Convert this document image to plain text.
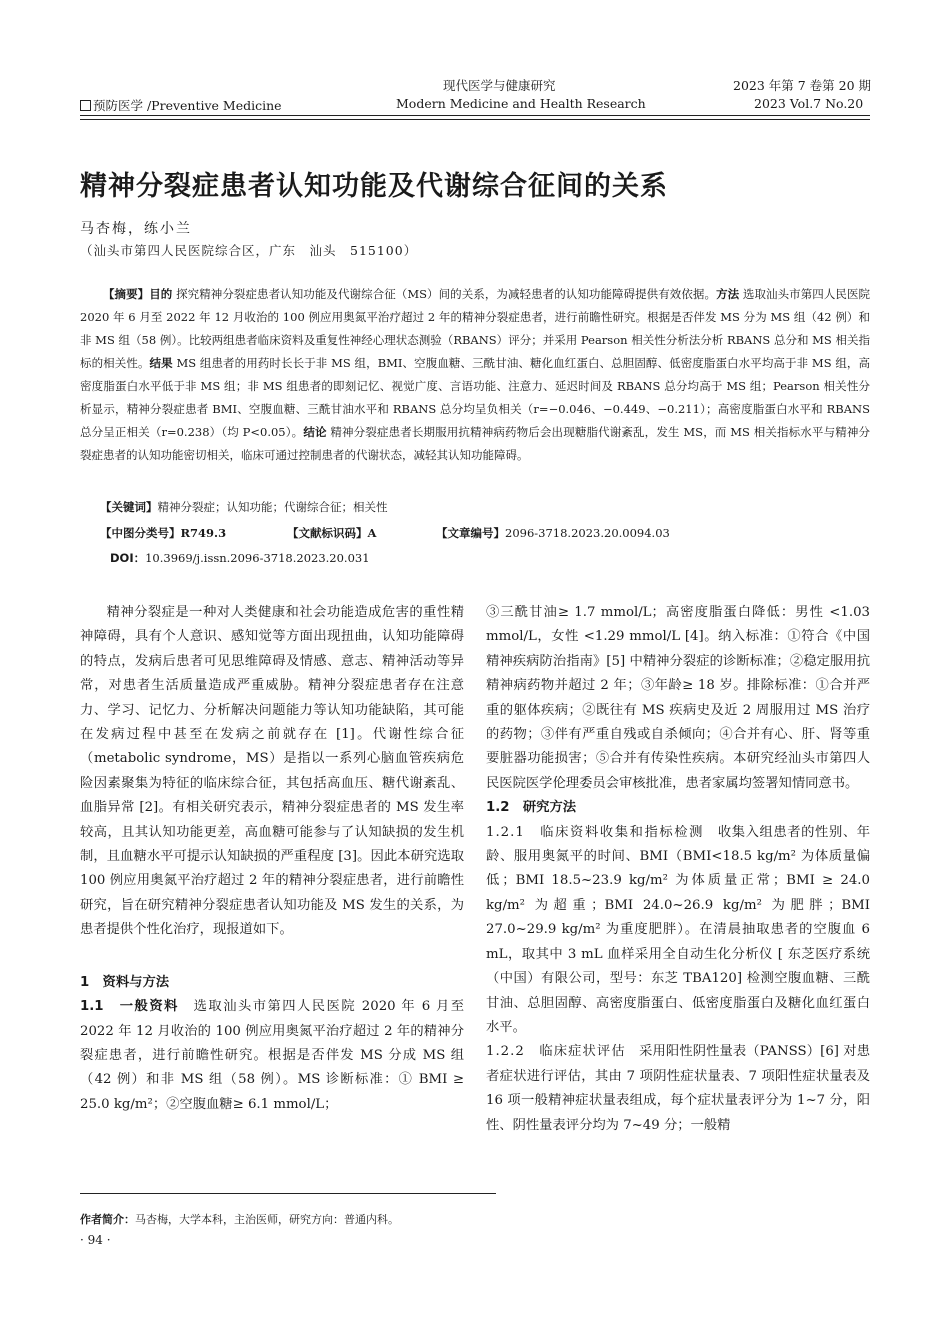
现代医学与健康研究	2023 年第 7 卷第 20 期
预防医学 /Preventive Medicine	Modern Medicine and Health Research	2023 Vol.7 No.20
精神分裂症患者认知功能及代谢综合征间的关系
马杏梅，练小兰
（汕头市第四人民医院综合区，广东　汕头　515100）
【摘要】目的 探究精神分裂症患者认知功能及代谢综合征（MS）间的关系，为减轻患者的认知功能障碍提供有效依据。方法 选取汕头市第四人民医院 2020 年 6 月至 2022 年 12 月收治的 100 例应用奥氮平治疗超过 2 年的精神分裂症患者，进行前瞻性研究。根据是否伴发 MS 分为 MS 组（42 例）和非 MS 组（58 例）。比较两组患者临床资料及重复性神经心理状态测验（RBANS）评分；并采用 Pearson 相关性分析法分析 RBANS 总分和 MS 相关指标的相关性。结果 MS 组患者的用药时长长于非 MS 组，BMI、空腹血糖、三酰甘油、糖化血红蛋白、总胆固醇、低密度脂蛋白水平均高于非 MS 组，高密度脂蛋白水平低于非 MS 组；非 MS 组患者的即刻记忆、视觉广度、言语功能、注意力、延迟时间及 RBANS 总分均高于 MS 组；Pearson 相关性分析显示，精神分裂症患者 BMI、空腹血糖、三酰甘油水平和 RBANS 总分均呈负相关（r=−0.046、−0.449、−0.211）；高密度脂蛋白水平和 RBANS 总分呈正相关（r=0.238）（均 P<0.05）。结论 精神分裂症患者长期服用抗精神病药物后会出现糖脂代谢紊乱，发生 MS，而 MS 相关指标水平与精神分裂症患者的认知功能密切相关，临床可通过控制患者的代谢状态，减轻其认知功能障碍。
【关键词】精神分裂症；认知功能；代谢综合征；相关性
【中图分类号】R749.3	【文献标识码】A	【文章编号】2096-3718.2023.20.0094.03
DOI：10.3969/j.issn.2096-3718.2023.20.031

精神分裂症是一种对人类健康和社会功能造成危害的重性精神障碍，具有个人意识、感知觉等方面出现扭曲，认知功能障碍的特点，发病后患者可见思维障碍及情感、意志、精神活动等异常，对患者生活质量造成严重威胁。精神分裂症患者存在注意力、学习、记忆力、分析解决问题能力等认知功能缺陷，其可能在发病过程中甚至在发病之前就存在 [1]。代谢性综合征（metabolic syndrome，MS）是指以一系列心脑血管疾病危险因素聚集为特征的临床综合征，其包括高血压、糖代谢紊乱、血脂异常 [2]。有相关研究表示，精神分裂症患者的 MS 发生率较高，且其认知功能更差，高血糖可能参与了认知缺损的发生机制，且血糖水平可提示认知缺损的严重程度 [3]。因此本研究选取 100 例应用奥氮平治疗超过 2 年的精神分裂症患者，进行前瞻性研究，旨在研究精神分裂症患者认知功能及 MS 发生的关系，为患者提供个性化治疗，现报道如下。

1　资料与方法

1.1　一般资料　 选取汕头市第四人民医院 2020 年 6 月至 2022 年 12 月收治的 100 例应用奥氮平治疗超过 2 年的精神分裂症患者，进行前瞻性研究。根据是否伴发 MS 分成 MS 组（42 例）和非 MS 组（58 例）。MS 诊断标准：① BMI ≥ 25.0 kg/m²；②空腹血糖≥ 6.1 mmol/L；

③三酰甘油≥ 1.7 mmol/L；高密度脂蛋白降低：男性 <1.03 mmol/L，女性 <1.29 mmol/L [4]。纳入标准：①符合《中国精神疾病防治指南》[5] 中精神分裂症的诊断标准；②稳定服用抗精神病药物并超过 2 年；③年龄≥ 18 岁。排除标准：①合并严重的躯体疾病；②既往有 MS 疾病史及近 2 周服用过 MS 治疗的药物；③伴有严重自残或自杀倾向；④合并有心、肝、肾等重要脏器功能损害；⑤合并有传染性疾病。本研究经汕头市第四人民医院医学伦理委员会审核批准，患者家属均签署知情同意书。

1.2　研究方法

1.2.1　临床资料收集和指标检测　 收集入组患者的性别、年龄、服用奥氮平的时间、BMI（BMI<18.5 kg/m² 为体质量偏低；BMI 18.5~23.9 kg/m² 为体质量正常；BMI ≥ 24.0 kg/m² 为超重；BMI 24.0~26.9 kg/m² 为肥胖；BMI 27.0~29.9 kg/m² 为重度肥胖）。在清晨抽取患者的空腹血 6 mL，取其中 3 mL 血样采用全自动生化分析仪 [ 东芝医疗系统（中国）有限公司，型号：东芝 TBA120] 检测空腹血糖、三酰甘油、总胆固醇、高密度脂蛋白、低密度脂蛋白及糖化血红蛋白水平。

1.2.2　临床症状评估　 采用阳性阴性量表（PANSS）[6] 对患者症状进行评估，其由 7 项阴性症状量表、7 项阳性症状量表及 16 项一般精神症状量表组成，每个症状量表评分为 1~7 分，阳性、阴性量表评分均为 7~49 分；一般精

作者简介：马杏梅，大学本科，主治医师，研究方向：普通内科。
· 94 ·
